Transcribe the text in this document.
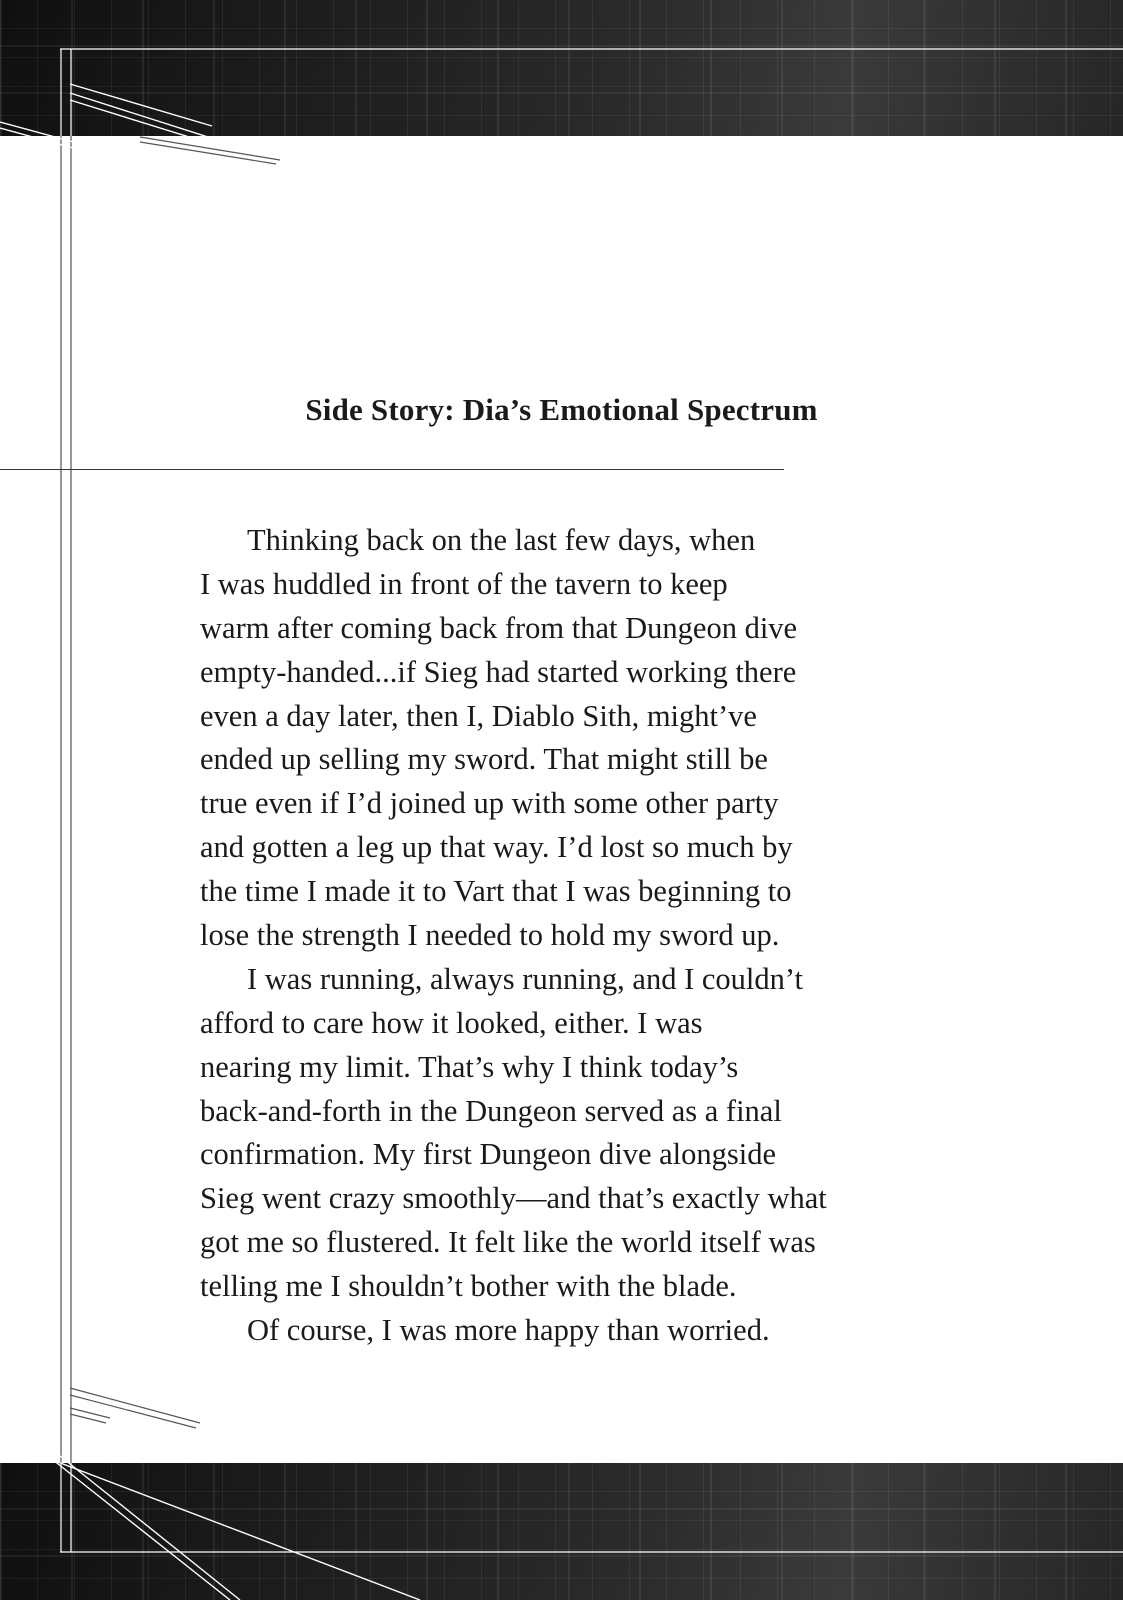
Side Story: Dia’s Emotional Spectrum
Thinking back on the last few days, when
I was huddled in front of the tavern to keep
warm after coming back from that Dungeon dive
empty-handed...if Sieg had started working there
even a day later, then I, Diablo Sith, might’ve
ended up selling my sword. That might still be
true even if I’d joined up with some other party
and gotten a leg up that way. I’d lost so much by
the time I made it to Vart that I was beginning to
lose the strength I needed to hold my sword up.
I was running, always running, and I couldn’t
afford to care how it looked, either. I was
nearing my limit. That’s why I think today’s
back-and-forth in the Dungeon served as a final
confirmation. My first Dungeon dive alongside
Sieg went crazy smoothly—and that’s exactly what
got me so flustered. It felt like the world itself was
telling me I shouldn’t bother with the blade.
Of course, I was more happy than worried.
